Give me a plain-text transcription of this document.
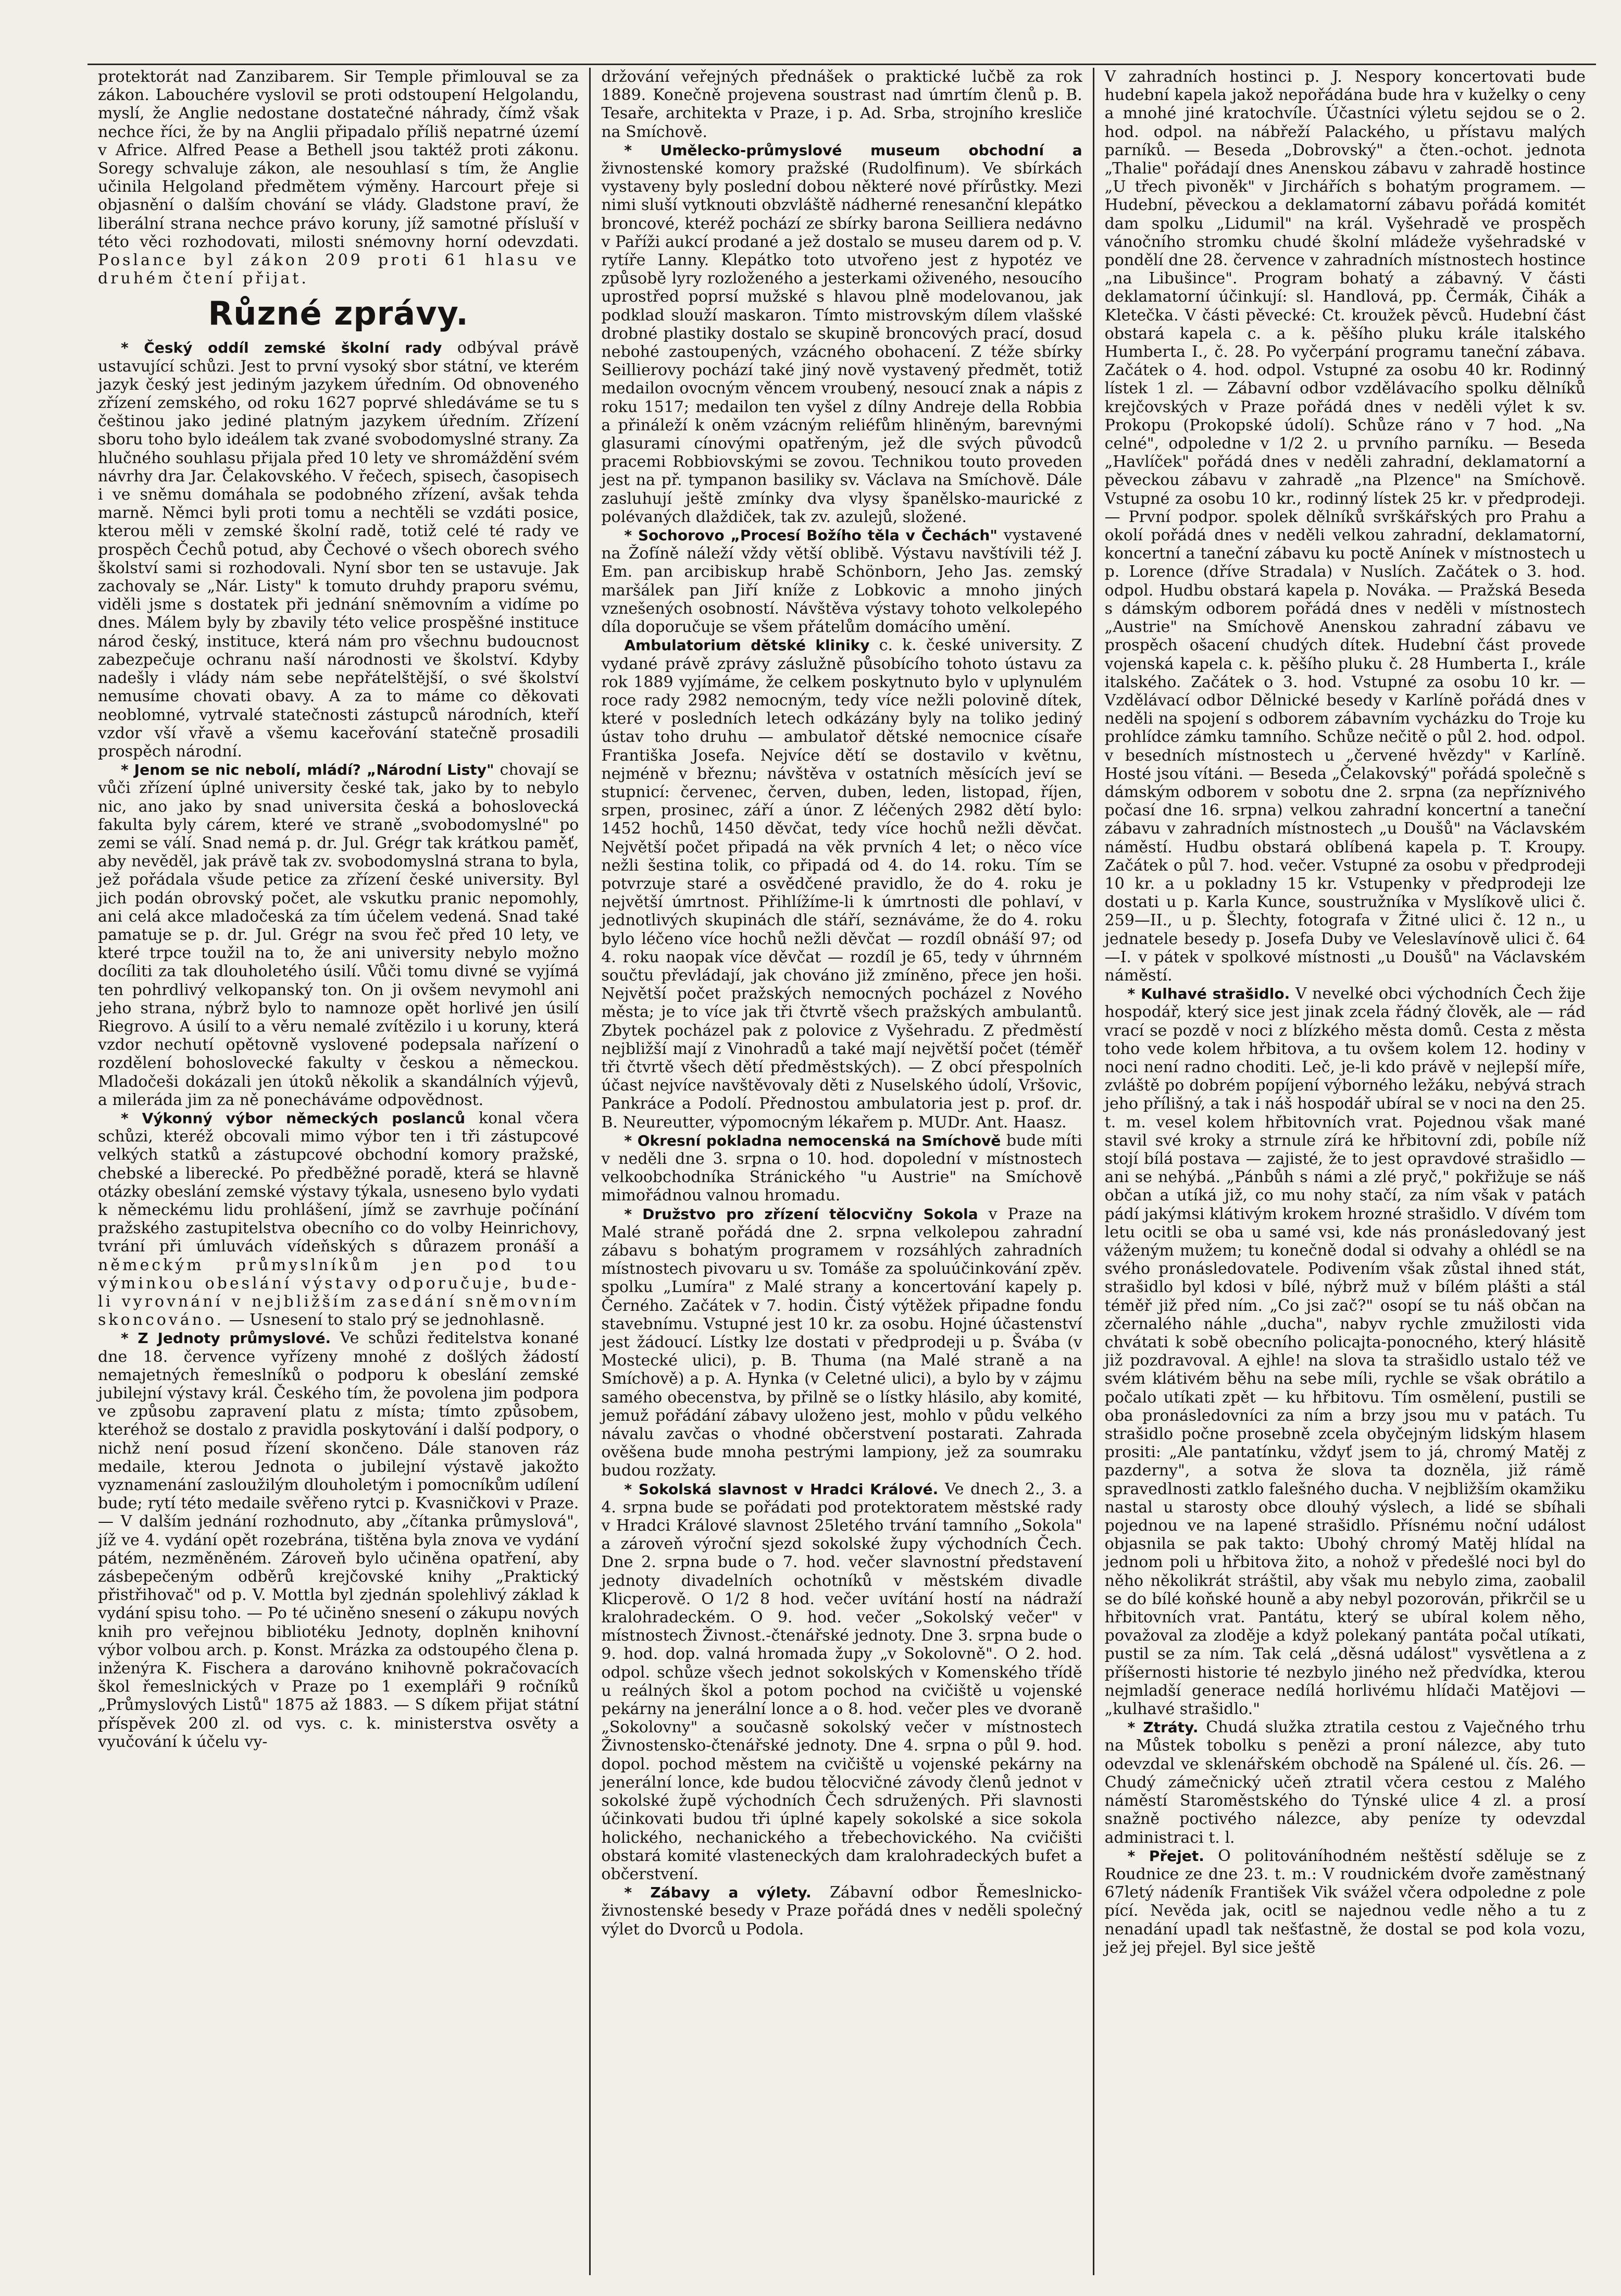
protektorát nad Zanzibarem. Sir Temple přimlouval se za zákon. Labouchére vyslovil se proti odstoupení Helgolandu, myslí, že Anglie nedostane dostatečné náhrady, čímž však nechce říci, že by na Anglii připadalo příliš nepatrné území v Africe. Alfred Pease a Bethell jsou taktéž proti zákonu. Soregy schvaluje zákon, ale nesouhlasí s tím, že Anglie učinila Helgoland předmětem výměny. Harcourt přeje si objasnění o dalším chování se vlády. Gladstone praví, že liberální strana nechce právo koruny, jíž samotné přísluší v této věci rozhodovati, milosti snémovny horní odevzdati. Poslance byl zákon 209 proti 61 hlasu ve druhém čtení přijat.

Různé zprávy.

* Český oddíl zemské školní rady odbýval právě ustavující schůzi. Jest to první vysoký sbor státní, ve kterém jazyk český jest jediným jazykem úředním. Od obnoveného zřízení zemského, od roku 1627 poprvé shledáváme se tu s češtinou jako jediné platným jazykem úředním. Zřízení sboru toho bylo ideálem tak zvané svobodomyslné strany. Za hlučného souhlasu přijala před 10 lety ve shromáždění svém návrhy dra Jar. Čelakovského. V řečech, spisech, časopisech i ve sněmu domáhala se podobného zřízení, avšak tehda marně. Němci byli proti tomu a nechtěli se vzdáti posice, kterou měli v zemské školní radě, totiž celé té rady ve prospěch Čechů potud, aby Čechové o všech oborech svého školství sami si rozhodovali. Nyní sbor ten se ustavuje. Jak zachovaly se „Nár. Listy" k tomuto druhdy praporu svému, viděli jsme s dostatek při jednání sněmovním a vidíme po dnes. Málem byly by zbavily této velice prospěšné instituce národ český, instituce, která nám pro všechnu budoucnost zabezpečuje ochranu naší národnosti ve školství. Kdyby nadešly i vlády nám sebe nepřátelštější, o své školství nemusíme chovati obavy. A za to máme co děkovati neoblomné, vytrvalé statečnosti zástupců národních, kteří vzdor vší vřavě a všemu kaceřování statečně prosadili prospěch národní.

* Jenom se nic nebolí, mládí? „Národní Listy" chovají se vůči zřízení úplné university české tak, jako by to nebylo nic, ano jako by snad universita česká a bohoslovecká fakulta byly cárem, které ve straně „svobodomyslné" po zemi se válí. Snad nemá p. dr. Jul. Grégr tak krátkou paměť, aby nevěděl, jak právě tak zv. svobodomyslná strana to byla, jež pořádala všude petice za zřízení české university. Byl jich podán obrovský počet, ale vskutku pranic nepomohly, ani celá akce mladočeská za tím účelem vedená. Snad také pamatuje se p. dr. Jul. Grégr na svou řeč před 10 lety, ve které trpce toužil na to, že ani university nebylo možno docíliti za tak dlouholetého úsilí. Vůči tomu divné se vyjímá ten pohrdlivý velkopanský ton. On ji ovšem nevymohl ani jeho strana, nýbrž bylo to namnoze opět horlivé jen úsilí Riegrovo. A úsilí to a věru nemalé zvítězilo i u koruny, která vzdor nechutí opětovně vyslovené podepsala nařízení o rozdělení bohoslovecké fakulty v českou a německou. Mladočeši dokázali jen útoků několik a skandálních výjevů, a mileráda jim za ně ponecháváme odpovědnost.

* Výkonný výbor německých poslanců konal včera schůzi, kteréž obcovali mimo výbor ten i tři zástupcové velkých statků a zástupcové obchodní komory pražské, chebské a liberecké. Po předběžné poradě, která se hlavně otázky obeslání zemské výstavy týkala, usneseno bylo vydati k německému lidu prohlášení, jímž se zavrhuje počínání pražského zastupitelstva obecního co do volby Heinrichovy, tvrání při úmluvách vídeňských s důrazem pronáší a německým průmyslníkům jen pod tou výminkou obeslání výstavy odporučuje, bude-li vyrovnání v nejbližším zasedání sněmovním skoncováno. — Usnesení to stalo prý se jednohlasně.

* Z Jednoty průmyslové. Ve schůzi ředitelstva konané dne 18. července vyřízeny mnohé z došlých žádostí nemajetných řemeslníků o podporu k obeslání zemské jubilejní výstavy král. Českého tím, že povolena jim podpora ve způsobu zapravení platu z místa; tímto způsobem, kteréhož se dostalo z pravidla poskytování i další podpory, o nichž není posud řízení skončeno. Dále stanoven ráz medaile, kterou Jednota o jubilejní výstavě jakožto vyznamenání zasloužilým dlouholetým i pomocníkům udílení bude; rytí této medaile svěřeno rytci p. Kvasničkovi v Praze. — V dalším jednání rozhodnuto, aby „čítanka průmyslová", jíž ve 4. vydání opět rozebrána, tištěna byla znova ve vydání pátém, nezměněném. Zároveň bylo učiněna opatření, aby zásbepečeným odběrů krejčovské knihy „Praktický přistřihovač" od p. V. Mottla byl zjednán spolehlivý základ k vydání spisu toho. — Po té učiněno snesení o zákupu nových knih pro veřejnou bibliotéku Jednoty, doplněn knihovní výbor volbou arch. p. Konst. Mrázka za odstoupého člena p. inženýra K. Fischera a darováno knihovně pokračovacích škol řemeslnických v Praze po 1 exempláři 9 ročníků „Průmyslových Listů" 1875 až 1883. — S díkem přijat státní příspěvek 200 zl. od vys. c. k. ministerstva osvěty a vyučování k účelu vy-

držování veřejných přednášek o praktické lučbě za rok 1889. Konečně projevena soustrast nad úmrtím členů p. B. Tesaře, architekta v Praze, i p. Ad. Srba, strojního kresliče na Smíchově.

* Umělecko-průmyslové museum obchodní a živnostenské komory pražské (Rudolfinum). Ve sbírkách vystaveny byly poslední dobou některé nové přírůstky. Mezi nimi sluší vytknouti obzvláště nádherné renesanční klepátko broncové, kteréž pochází ze sbírky barona Seilliera nedávno v Paříži aukcí prodané a jež dostalo se museu darem od p. V. rytíře Lanny. Klepátko toto utvořeno jest z hypotéz ve způsobě lyry rozloženého a jesterkami oživeného, nesoucího uprostřed poprsí mužské s hlavou plně modelovanou, jak podklad slouží maskaron. Tímto mistrovským dílem vlašské drobné plastiky dostalo se skupině broncových prací, dosud nebohé zastoupených, vzácného obohacení. Z téže sbírky Seillierovy pochází také jiný nově vystavený předmět, totiž medailon ovocným věncem vroubený, nesoucí znak a nápis z roku 1517; medailon ten vyšel z dílny Andreje della Robbia a přináleží k oněm vzácným reliéfům hliněným, barevnými glasurami cínovými opatřeným, jež dle svých původců pracemi Robbiovskými se zovou. Technikou touto proveden jest na př. tympanon basiliky sv. Václava na Smíchově. Dále zasluhují ještě zmínky dva vlysy španělsko-maurické z polévaných dlaždiček, tak zv. azulejů, složené.

* Sochorovo „Procesí Božího těla v Čechách" vystavené na Žofíně náleží vždy větší oblibě. Výstavu navštívili též J. Em. pan arcibiskup hrabě Schönborn, Jeho Jas. zemský maršálek pan Jiří kníže z Lobkovic a mnoho jiných vznešených osobností. Návštěva výstavy tohoto velkolepého díla doporučuje se všem přátelům domácího umění.

Ambulatorium dětské kliniky c. k. české university. Z vydané právě zprávy záslužně působícího tohoto ústavu za rok 1889 vyjímáme, že celkem poskytnuto bylo v uplynulém roce rady 2982 nemocným, tedy více nežli polovině dítek, které v posledních letech odkázány byly na toliko jediný ústav toho druhu — ambulatoř dětské nemocnice císaře Františka Josefa. Nejvíce dětí se dostavilo v květnu, nejméně v březnu; návštěva v ostatních měsících jeví se stupnicí: červenec, červen, duben, leden, listopad, říjen, srpen, prosinec, září a únor. Z léčených 2982 dětí bylo: 1452 hochů, 1450 děvčat, tedy více hochů nežli děvčat. Největší počet připadá na věk prvních 4 let; o něco více nežli šestina tolik, co připadá od 4. do 14. roku. Tím se potvrzuje staré a osvědčené pravidlo, že do 4. roku je největší úmrtnost. Přihlížíme-li k úmrtnosti dle pohlaví, v jednotlivých skupinách dle stáří, seznáváme, že do 4. roku bylo léčeno více hochů nežli děvčat — rozdíl obnáší 97; od 4. roku naopak více děvčat — rozdíl je 65, tedy v úhrnném součtu převládají, jak chováno již zmíněno, přece jen hoši. Největší počet pražských nemocných pocházel z Nového města; je to více jak tři čtvrtě všech pražských ambulantů. Zbytek pocházel pak z polovice z Vyšehradu. Z předměstí nejbližší mají z Vinohradů a také mají největší počet (téměř tři čtvrtě všech dětí předměstských). — Z obcí přespolních účast nejvíce navštěvovaly děti z Nuselského údolí, Vršovic, Pankráce a Podolí. Přednostou ambulatoria jest p. prof. dr. B. Neureutter, výpomocným lékařem p. MUDr. Ant. Haasz.

* Okresní pokladna nemocenská na Smíchově bude míti v neděli dne 3. srpna o 10. hod. dopolední v místnostech velkoobchodníka Stránického "u Austrie" na Smíchově mimořádnou valnou hromadu.

* Družstvo pro zřízení tělocvičny Sokola v Praze na Malé straně pořádá dne 2. srpna velkolepou zahradní zábavu s bohatým programem v rozsáhlých zahradních místnostech pivovaru u sv. Tomáše za spoluúčinkování zpěv. spolku „Lumíra" z Malé strany a koncertování kapely p. Černého. Začátek v 7. hodin. Čistý výtěžek připadne fondu stavebnímu. Vstupné jest 10 kr. za osobu. Hojné účastenství jest žádoucí. Lístky lze dostati v předprodeji u p. Švába (v Mostecké ulici), p. B. Thuma (na Malé straně a na Smíchově) a p. A. Hynka (v Celetné ulici), a bylo by v zájmu samého obecenstva, by přilně se o lístky hlásilo, aby komité, jemuž pořádání zábavy uloženo jest, mohlo v půdu velkého návalu zavčas o vhodné občerstvení postarati. Zahrada ověšena bude mnoha pestrými lampiony, jež za soumraku budou rozžaty.

* Sokolská slavnost v Hradci Králové. Ve dnech 2., 3. a 4. srpna bude se pořádati pod protektoratem městské rady v Hradci Králové slavnost 25letého trvání tamního „Sokola" a zároveň výroční sjezd sokolské župy východních Čech. Dne 2. srpna bude o 7. hod. večer slavnostní představení jednoty divadelních ochotníků v městském divadle Klicperově. O 1/2 8 hod. večer uvítání hostí na nádraží kralohradeckém. O 9. hod. večer „Sokolský večer" v místnostech Živnost.-čtenářské jednoty. Dne 3. srpna bude o 9. hod. dop. valná hromada župy „v Sokolovně". O 2. hod. odpol. schůze všech jednot sokolských v Komenského třídě u reálných škol a potom pochod na cvičiště u vojenské pekárny na jenerální lonce a o 8. hod. večer ples ve dvoraně „Sokolovny" a současně sokolský večer v místnostech Živnostensko-čtenářské jednoty. Dne 4. srpna o půl 9. hod. dopol. pochod městem na cvičiště u vojenské pekárny na jenerální lonce, kde budou tělocvičné závody členů jednot v sokolské župě východních Čech sdružených. Při slavnosti účinkovati budou tři úplné kapely sokolské a sice sokola holického, nechanického a třebechovického. Na cvičišti obstará komité vlasteneckých dam kralohradeckých bufet a občerstvení.

* Zábavy a výlety. Zábavní odbor Řemeslnicko-živnostenské besedy v Praze pořádá dnes v neděli společný výlet do Dvorců u Podola.

V zahradních hostinci p. J. Nespory koncertovati bude hudební kapela jakož nepořádána bude hra v kuželky o ceny a mnohé jiné kratochvíle. Účastníci výletu sejdou se o 2. hod. odpol. na nábřeží Palackého, u přístavu malých parníků. — Beseda „Dobrovský" a čten.-ochot. jednota „Thalie" pořádají dnes Anenskou zábavu v zahradě hostince „U třech pivoněk" v Jirchářích s bohatým programem. — Hudební, pěveckou a deklamatorní zábavu pořádá komitét dam spolku „Lidumil" na král. Vyšehradě ve prospěch vánočního stromku chudé školní mládeže vyšehradské v pondělí dne 28. července v zahradních místnostech hostince „na Libušince". Program bohatý a zábavný. V části deklamatorní účinkují: sl. Handlová, pp. Čermák, Čihák a Kletečka. V části pěvecké: Ct. kroužek pěvců. Hudební část obstará kapela c. a k. pěšího pluku krále italského Humberta I., č. 28. Po vyčerpání programu taneční zábava. Začátek o 4. hod. odpol. Vstupné za osobu 40 kr. Rodinný lístek 1 zl. — Zábavní odbor vzdělávacího spolku dělníků krejčovských v Praze pořádá dnes v neděli výlet k sv. Prokopu (Prokopské údolí). Schůze ráno v 7 hod. „Na celné", odpoledne v 1/2 2. u prvního parníku. — Beseda „Havlíček" pořádá dnes v neděli zahradní, deklamatorní a pěveckou zábavu v zahradě „na Plzence" na Smíchově. Vstupné za osobu 10 kr., rodinný lístek 25 kr. v předprodeji. — První podpor. spolek dělníků svrškářských pro Prahu a okolí pořádá dnes v neděli velkou zahradní, deklamatorní, koncertní a taneční zábavu ku poctě Anínek v místnostech u p. Lorence (dříve Stradala) v Nuslích. Začátek o 3. hod. odpol. Hudbu obstará kapela p. Nováka. — Pražská Beseda s dámským odborem pořádá dnes v neděli v místnostech „Austrie" na Smíchově Anenskou zahradní zábavu ve prospěch ošacení chudých dítek. Hudební část provede vojenská kapela c. k. pěšího pluku č. 28 Humberta I., krále italského. Začátek o 3. hod. Vstupné za osobu 10 kr. — Vzdělávací odbor Dělnické besedy v Karlíně pořádá dnes v neděli na spojení s odborem zábavním vycházku do Troje ku prohlídce zámku tamního. Schůze nečitě o půl 2. hod. odpol. v besedních místnostech u „červené hvězdy" v Karlíně. Hosté jsou vítáni. — Beseda „Čelakovský" pořádá společně s dámským odborem v sobotu dne 2. srpna (za nepříznivého počasí dne 16. srpna) velkou zahradní koncertní a taneční zábavu v zahradních místnostech „u Doušů" na Václavském náměstí. Hudbu obstará oblíbená kapela p. T. Kroupy. Začátek o půl 7. hod. večer. Vstupné za osobu v předprodeji 10 kr. a u pokladny 15 kr. Vstupenky v předprodeji lze dostati u p. Karla Kunce, soustružníka v Myslíkově ulici č. 259—II., u p. Šlechty, fotografa v Žitné ulici č. 12 n., u jednatele besedy p. Josefa Duby ve Veleslavínově ulici č. 64—I. v pátek v spolkové místnosti „u Doušů" na Václavském náměstí.

* Kulhavé strašidlo. V nevelké obci východních Čech žije hospodář, který sice jest jinak zcela řádný člověk, ale — rád vrací se pozdě v noci z blízkého města domů. Cesta z města toho vede kolem hřbitova, a tu ovšem kolem 12. hodiny v noci není radno choditi. Leč, je-li kdo právě v nejlepší míře, zvláště po dobrém popíjení výborného ležáku, nebývá strach jeho přílišný, a tak i náš hospodář ubíral se v noci na den 25. t. m. vesel kolem hřbitovních vrat. Pojednou však mané stavil své kroky a strnule zírá ke hřbitovní zdi, pobíle níž stojí bílá postava — zajisté, že to jest opravdové strašidlo — ani se nehýbá. „Pánbůh s námi a zlé pryč," pokřižuje se náš občan a utíká již, co mu nohy stačí, za ním však v patách pádí jakýmsi klátivým krokem hrozné strašidlo. V dívém tom letu ocitli se oba u samé vsi, kde nás pronásledovaný jest váženým mužem; tu konečně dodal si odvahy a ohlédl se na svého pronásledovatele. Podivením však zůstal ihned stát, strašidlo byl kdosi v bílé, nýbrž muž v bílém plášti a stál téměř již před ním. „Co jsi zač?" osopí se tu náš občan na zčernalého náhle „ducha", nabyv rychle zmužilosti vida chvátati k sobě obecního policajta-ponocného, který hlásitě již pozdravoval. A ejhle! na slova ta strašidlo ustalo též ve svém klátivém běhu na sebe míli, rychle se však obrátilo a počalo utíkati zpět — ku hřbitovu. Tím osmělení, pustili se oba pronásledovníci za ním a brzy jsou mu v patách. Tu strašidlo počne prosebně zcela obyčejným lidským hlasem prositi: „Ale pantatínku, vždyť jsem to já, chromý Matěj z pazderny", a sotva že slova ta dozněla, již rámě spravedlnosti zatklo falešného ducha. V nejbližším okamžiku nastal u starosty obce dlouhý výslech, a lidé se sbíhali pojednou ve na lapené strašidlo. Přísnému noční událost objasnila se pak takto: Ubohý chromý Matěj hlídal na jednom poli u hřbitova žito, a nohož v předešlé noci byl do něho několikrát stráštil, aby však mu nebylo zima, zaobalil se do bílé koňské houně a aby nebyl pozorován, přikrčil se u hřbitovních vrat. Pantátu, který se ubíral kolem něho, považoval za zloděje a když polekaný pantáta počal utíkati, pustil se za ním. Tak celá „děsná událost" vysvětlena a z příšernosti historie té nezbylo jiného než předvídka, kterou nejmladší generace nedílá horlivému hlídači Matějovi — „kulhavé strašidlo."

* Ztráty. Chudá služka ztratila cestou z Vaječného trhu na Můstek tobolku s penězi a proní nálezce, aby tuto odevzdal ve sklenářském obchodě na Spálené ul. čís. 26. — Chudý zámečnický učeň ztratil včera cestou z Malého náměstí Staroměstského do Týnské ulice 4 zl. a prosí snažně poctivého nálezce, aby peníze ty odevzdal administraci t. l.

* Přejet. O politováníhodném neštěstí sděluje se z Roudnice ze dne 23. t. m.: V roudnickém dvoře zaměstnaný 67letý nádeník František Vik svážel včera odpoledne z pole pící. Nevěda jak, ocitl se najednou vedle něho a tu z nenadání upadl tak nešťastně, že dostal se pod kola vozu, jež jej přejel. Byl sice ještě
